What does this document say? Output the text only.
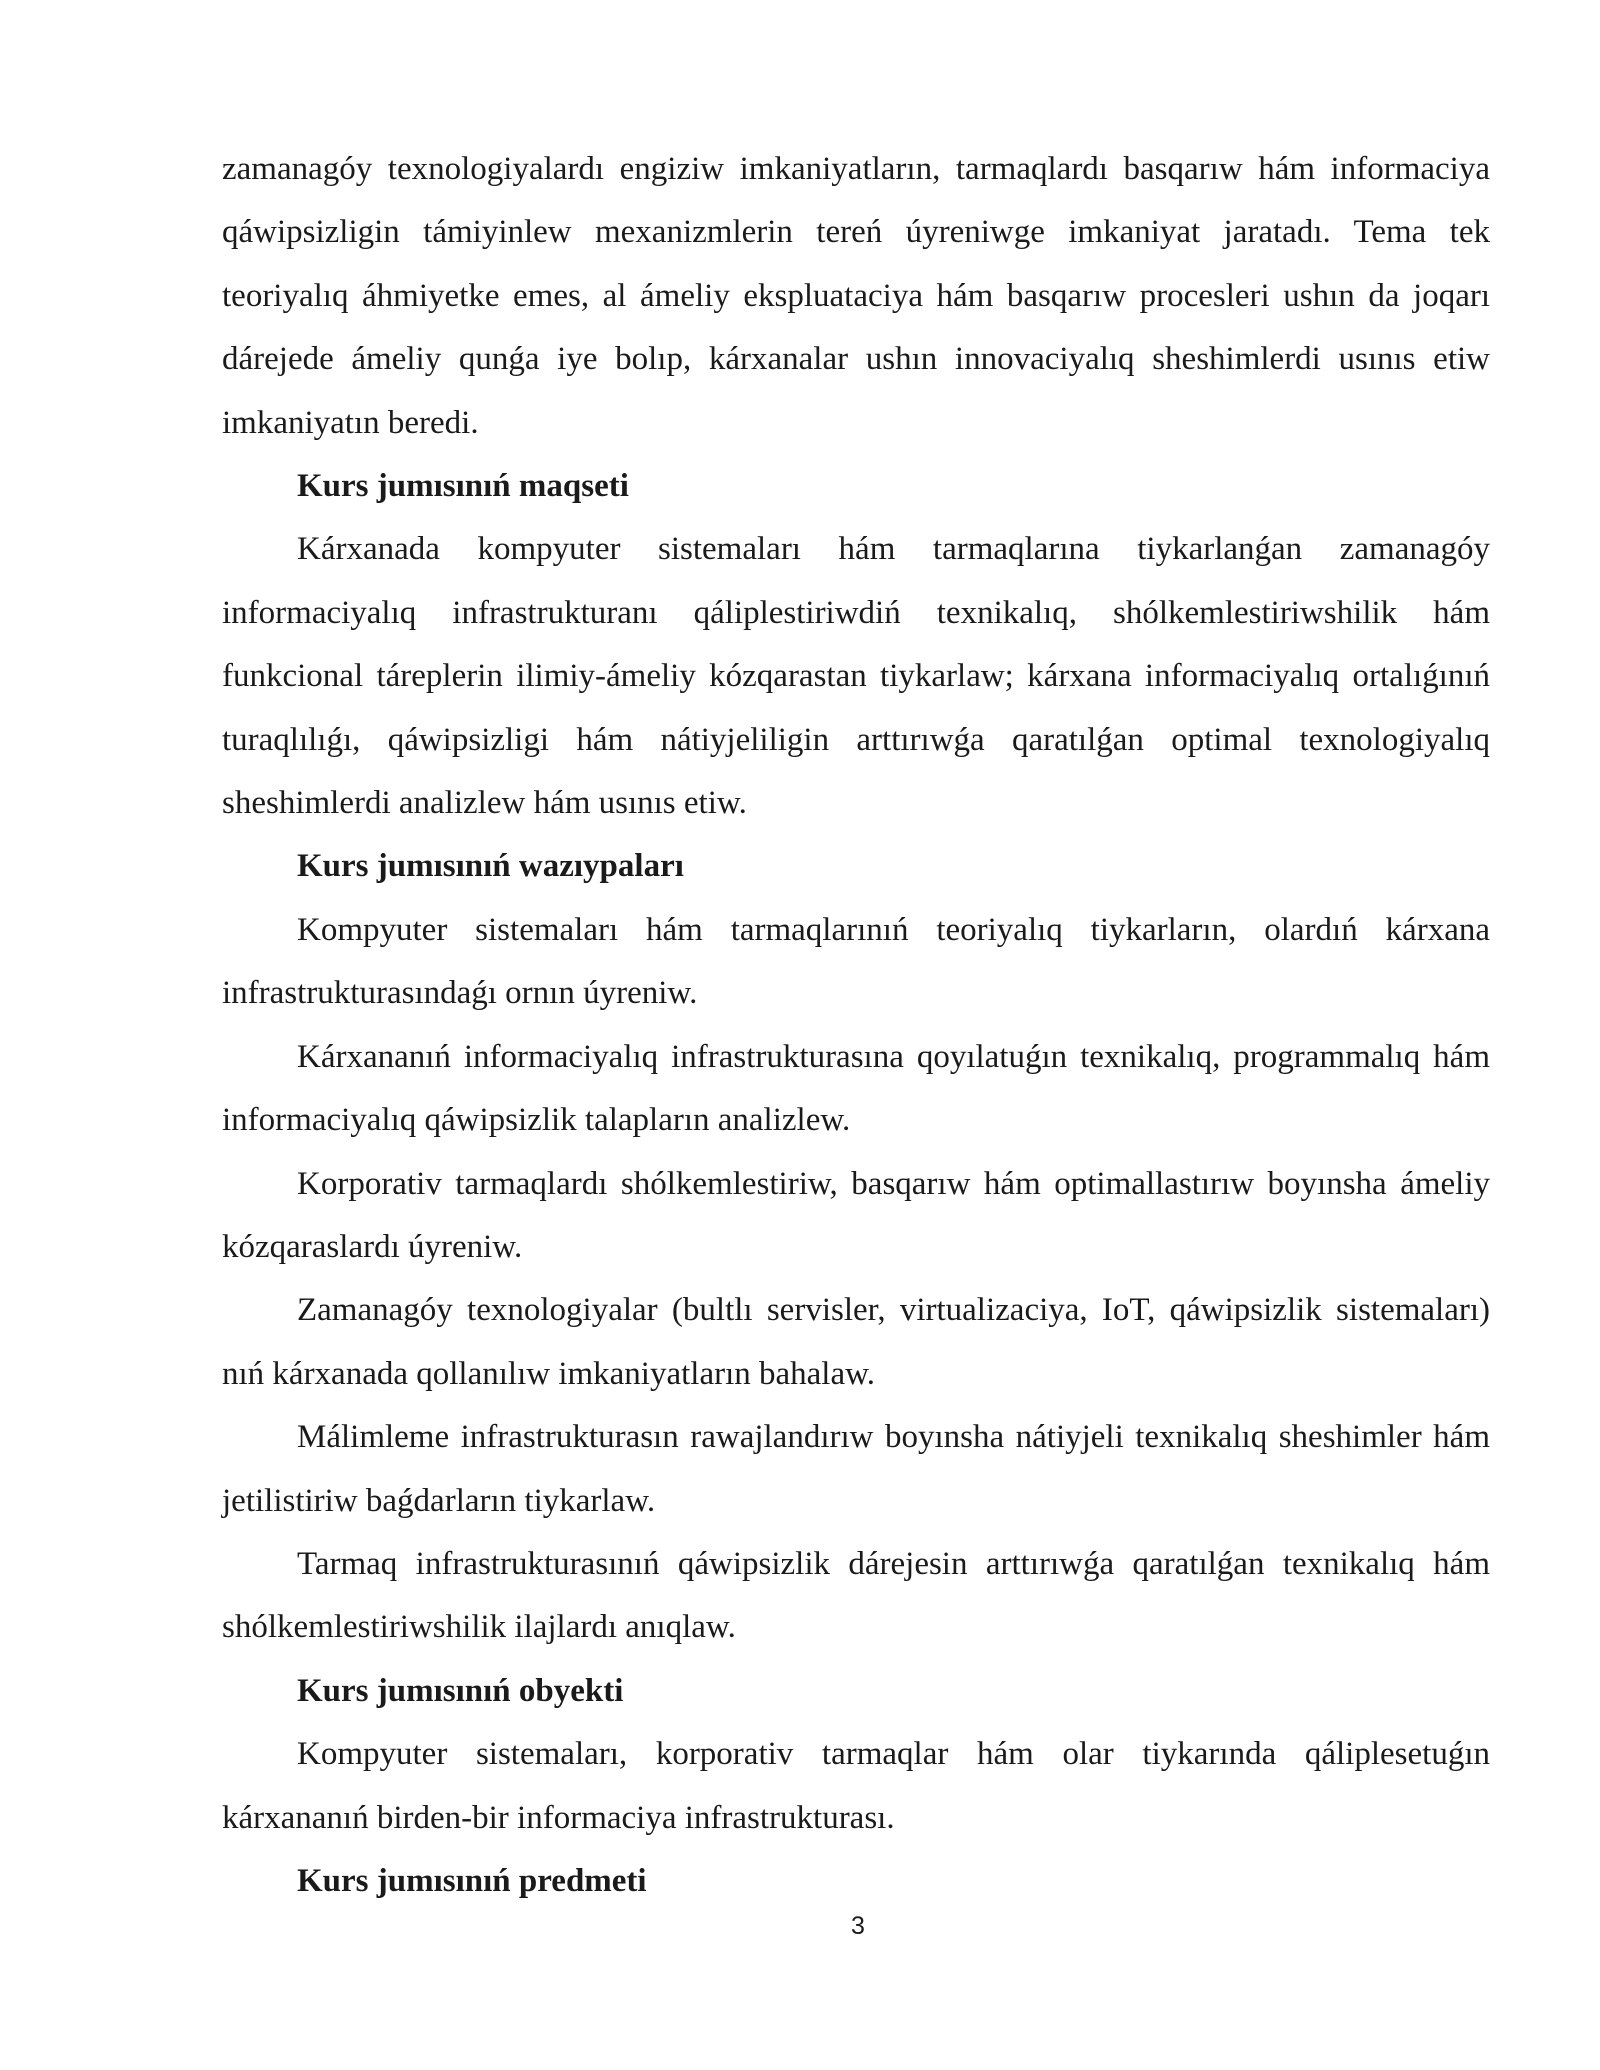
zamanagóy texnologiyalardı engiziw imkaniyatların, tarmaqlardı basqarıw hám informaciya qáwipsizligin támiyinlew mexanizmlerin tereń úyreniwge imkaniyat jaratadı. Tema tek teoriyalıq áhmiyetke emes, al ámeliy ekspluataciya hám basqarıw procesleri ushın da joqarı dárejede ámeliy qunǵa iye bolıp, kárxanalar ushın innovaciyalıq sheshimlerdi usınıs etiw imkaniyatın beredi.

Kurs jumısınıń maqseti

Kárxanada kompyuter sistemaları hám tarmaqlarına tiykarlanǵan zamanagóy informaciyalıq infrastrukturanı qáliplestiriwdiń texnikalıq, shólkemlestiriwshilik hám funkcional táreplerin ilimiy-ámeliy kózqarastan tiykarlaw; kárxana informaciyalıq ortalıǵınıń turaqlılıǵı, qáwipsizligi hám nátiyjeliligin arttırıwǵa qaratılǵan optimal texnologiyalıq sheshimlerdi analizlew hám usınıs etiw.

Kurs jumısınıń wazıypaları

Kompyuter sistemaları hám tarmaqlarınıń teoriyalıq tiykarların, olardıń kárxana infrastrukturasındaǵı ornın úyreniw.

Kárxananıń informaciyalıq infrastrukturasına qoyılatuǵın texnikalıq, programmalıq hám informaciyalıq qáwipsizlik talapların analizlew.

Korporativ tarmaqlardı shólkemlestiriw, basqarıw hám optimallastırıw boyınsha ámeliy kózqaraslardı úyreniw.

Zamanagóy texnologiyalar (bultlı servisler, virtualizaciya, IoT, qáwipsizlik sistemaları) nıń kárxanada qollanılıw imkaniyatların bahalaw.

Málimleme infrastrukturasın rawajlandırıw boyınsha nátiyjeli texnikalıq sheshimler hám jetilistiriw baǵdarların tiykarlaw.

Tarmaq infrastrukturasınıń qáwipsizlik dárejesin arttırıwǵa qaratılǵan texnikalıq hám shólkemlestiriwshilik ilajlardı anıqlaw.

Kurs jumısınıń obyekti

Kompyuter sistemaları, korporativ tarmaqlar hám olar tiykarında qáliplesetuǵın kárxananıń birden-bir informaciya infrastrukturası.

Kurs jumısınıń predmeti

3
